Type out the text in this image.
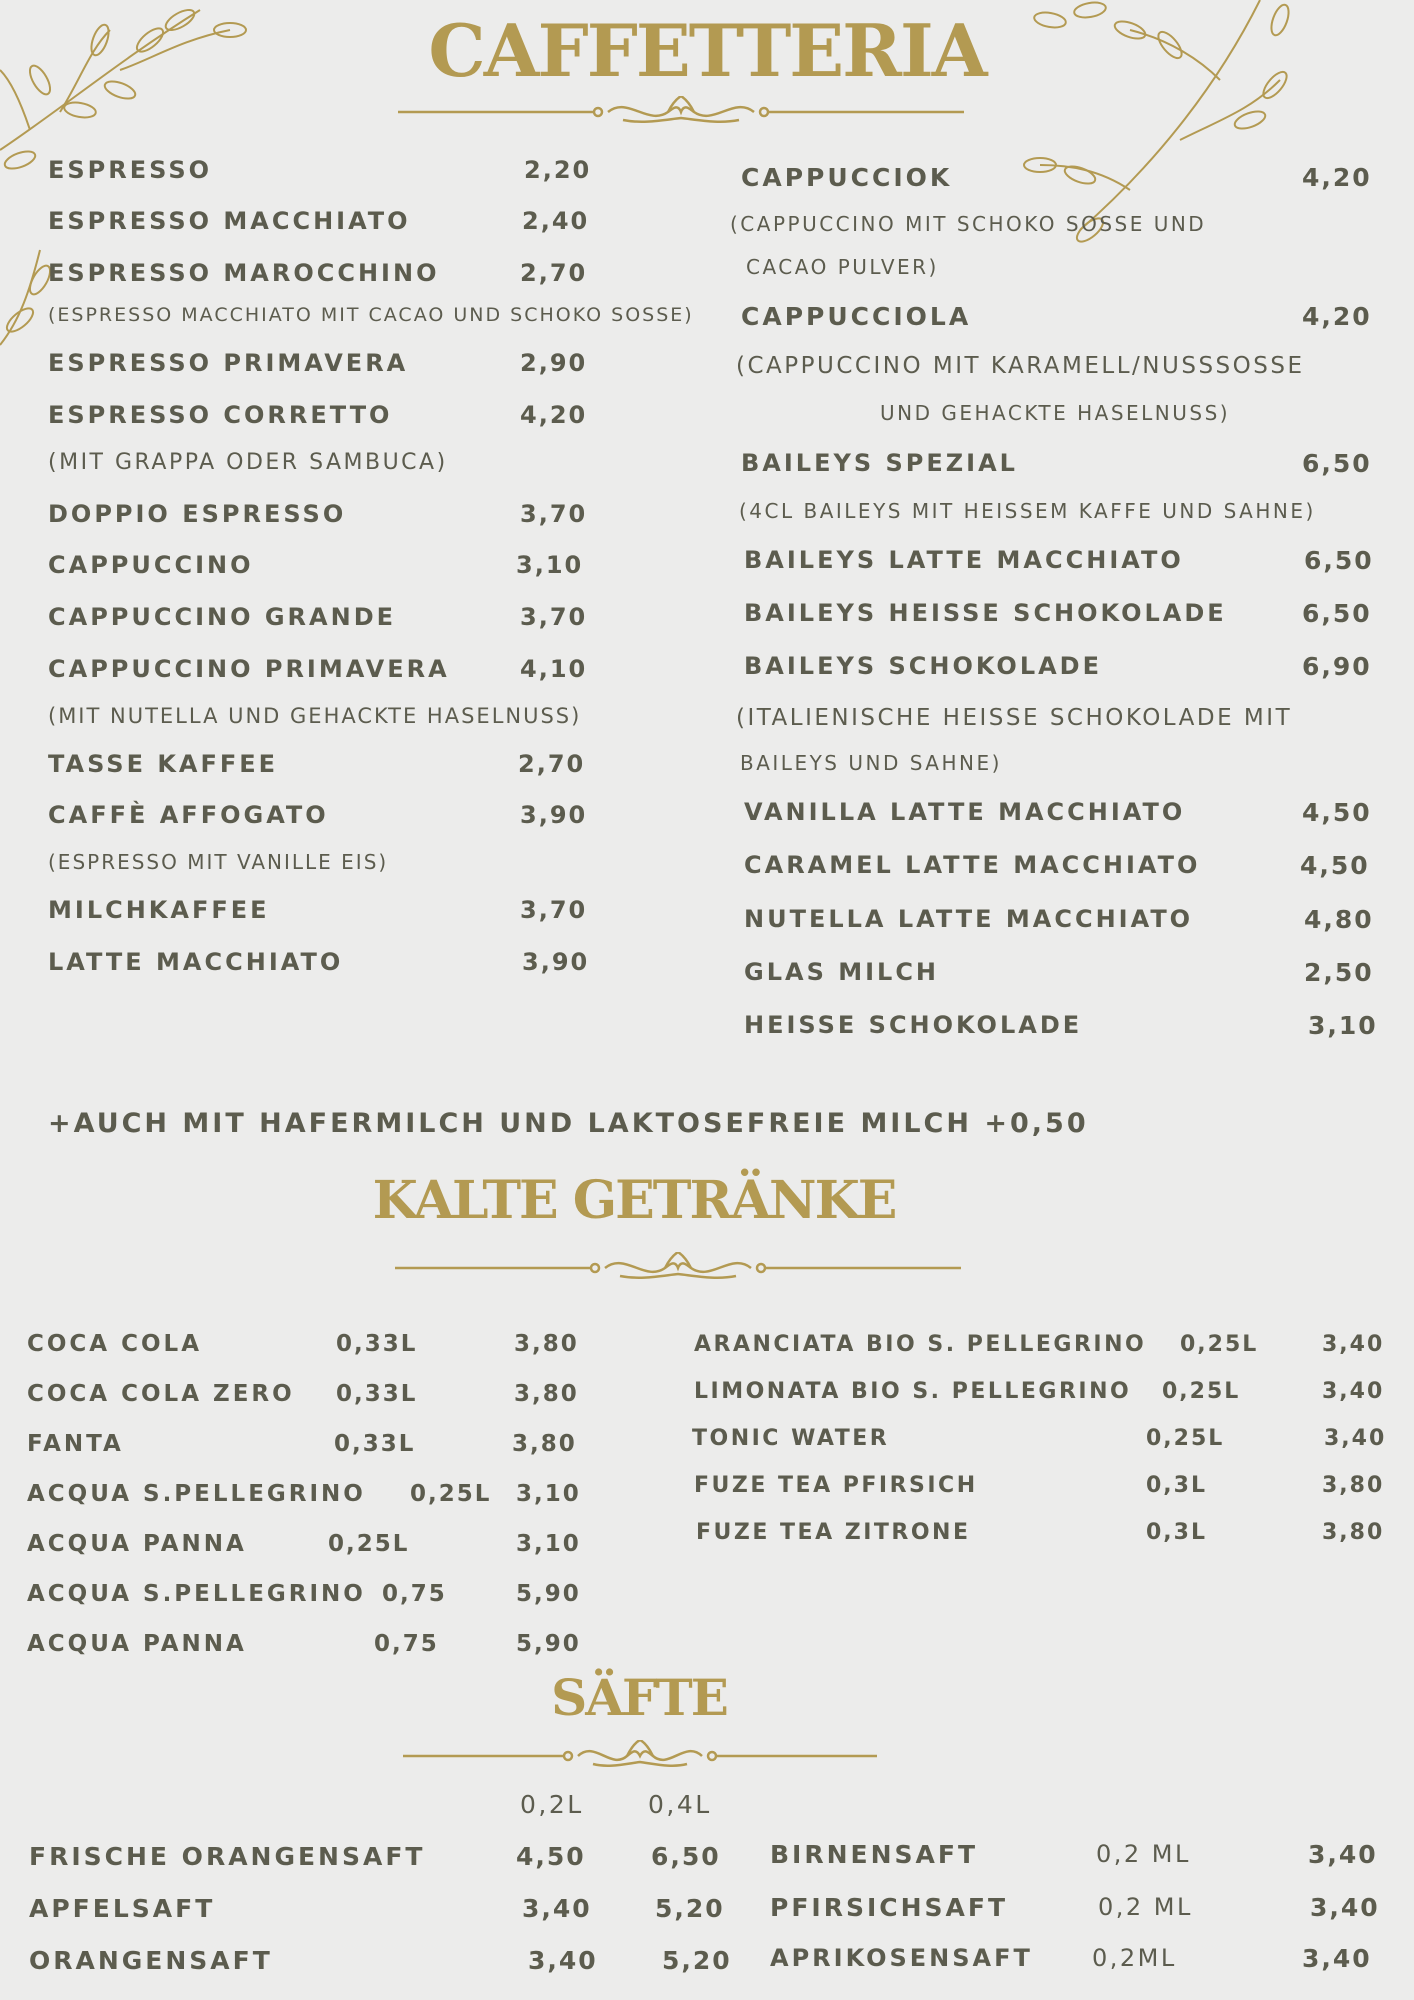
CAFFETTERIA
ESPRESSO	2,20
ESPRESSO MACCHIATO	2,40
ESPRESSO MAROCCHINO	2,70
(ESPRESSO MACCHIATO MIT CACAO UND SCHOKO SOSSE)
ESPRESSO PRIMAVERA	2,90
ESPRESSO CORRETTO	4,20
(MIT GRAPPA ODER SAMBUCA)
DOPPIO ESPRESSO	3,70
CAPPUCCINO	3,10
CAPPUCCINO GRANDE	3,70
CAPPUCCINO PRIMAVERA	4,10
(MIT NUTELLA UND GEHACKTE HASELNUSS)
TASSE KAFFEE	2,70
CAFFÈ AFFOGATO	3,90
(ESPRESSO MIT VANILLE EIS)
MILCHKAFFEE	3,70
LATTE MACCHIATO	3,90
CAPPUCCIOK	4,20
(CAPPUCCINO MIT SCHOKO SOSSE UND
CACAO PULVER)
CAPPUCCIOLA	4,20
(CAPPUCCINO MIT KARAMELL/NUSSSOSSE
UND GEHACKTE HASELNUSS)
BAILEYS SPEZIAL	6,50
(4CL BAILEYS MIT HEISSEM KAFFE UND SAHNE)
BAILEYS LATTE MACCHIATO	6,50
BAILEYS HEISSE SCHOKOLADE	6,50
BAILEYS SCHOKOLADE	6,90
(ITALIENISCHE HEISSE SCHOKOLADE MIT
BAILEYS UND SAHNE)
VANILLA LATTE MACCHIATO	4,50
CARAMEL LATTE MACCHIATO	4,50
NUTELLA LATTE MACCHIATO	4,80
GLAS MILCH	2,50
HEISSE SCHOKOLADE	3,10
+AUCH MIT HAFERMILCH UND LAKTOSEFREIE MILCH +0,50
KALTE GETRÄNKE
COCA COLA	0,33L	3,80
COCA COLA ZERO 0,33L	3,80
FANTA	0,33L	3,80
ACQUA S.PELLEGRINO 0,25L 3,10
ACQUA PANNA	0,25L	3,10
ACQUA S.PELLEGRINO 0,75	5,90
ACQUA PANNA	0,75	5,90
ARANCIATA BIO S. PELLEGRINO 0,25L	3,40
LIMONATA BIO S. PELLEGRINO 0,25L	3,40
TONIC WATER	0,25L	3,40
FUZE TEA PFIRSICH	0,3L	3,80
FUZE TEA ZITRONE	0,3L	3,80
SÄFTE
0,2L	0,4L
FRISCHE ORANGENSAFT	4,50	6,50
APFELSAFT	3,40	5,20
ORANGENSAFT	3,40	5,20
BIRNENSAFT	0,2 ML	3,40
PFIRSICHSAFT	0,2 ML	3,40
APRIKOSENSAFT 0,2ML	3,40
